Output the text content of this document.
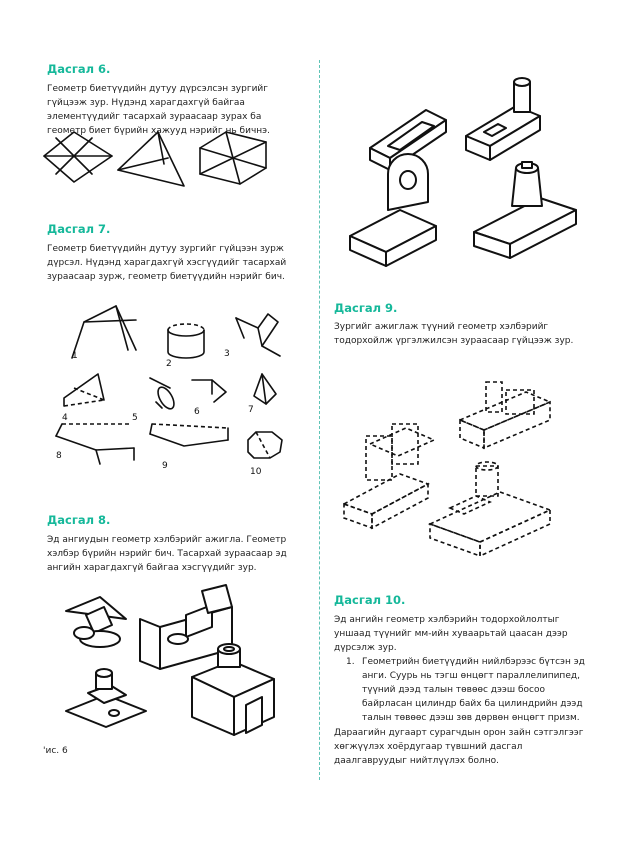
Дасгал 6.

Геометр биетүүдийн дутуу дүрсэлсэн зургийг гүйцээж зур. Нүдэнд харагдахгүй байгаа элементүүдийг тасархай зураасаар зурах ба геометр биет бүрийн хажууд нэрийг нь бичнэ.

Дасгал 7.

Геометр биетүүдийн дутуу зургийг гүйцээн зурж дүрсэл. Нүдэнд харагдахгүй хэсгүүдийг тасархай зураасаар зурж, геометр биетүүдийн нэрийг бич.

1
2
3
4	5
6	7
8
9
10
Дасгал 8.

Эд ангиудын геометр хэлбэрийг ажигла. Геометр хэлбэр бүрийн нэрийг бич. Тасархай зураасаар эд ангийн харагдахгүй байгаа хэсгүүдийг зур.

'ис. 6
Дасгал 9.

Зургийг ажиглаж түүний геометр хэлбэрийг тодорхойлж үргэлжилсэн зураасаар гүйцээж зур.

Дасгал 10.

Эд ангийн геометр хэлбэрийн тодорхойлолтыг уншаад түүнийг мм-ийн хуваарьтай цаасан дээр дүрсэлж зур.

1. Геометрийн биетүүдийн нийлбэрээс бүтсэн эд анги. Суурь нь тэгш өнцөгт параллелипипед, түүний дээд талын төвөөс дээш босоо байрласан цилиндр байх ба цилиндрийн дээд талын төвөөс дээш зөв дөрвөн өнцөгт призм.

Дараагийн дугаарт сурагчдын орон зайн сэтгэлгээг хөгжүүлэх хоёрдугаар түвшний дасгал даалгавруудыг нийтлүүлэх болно.
